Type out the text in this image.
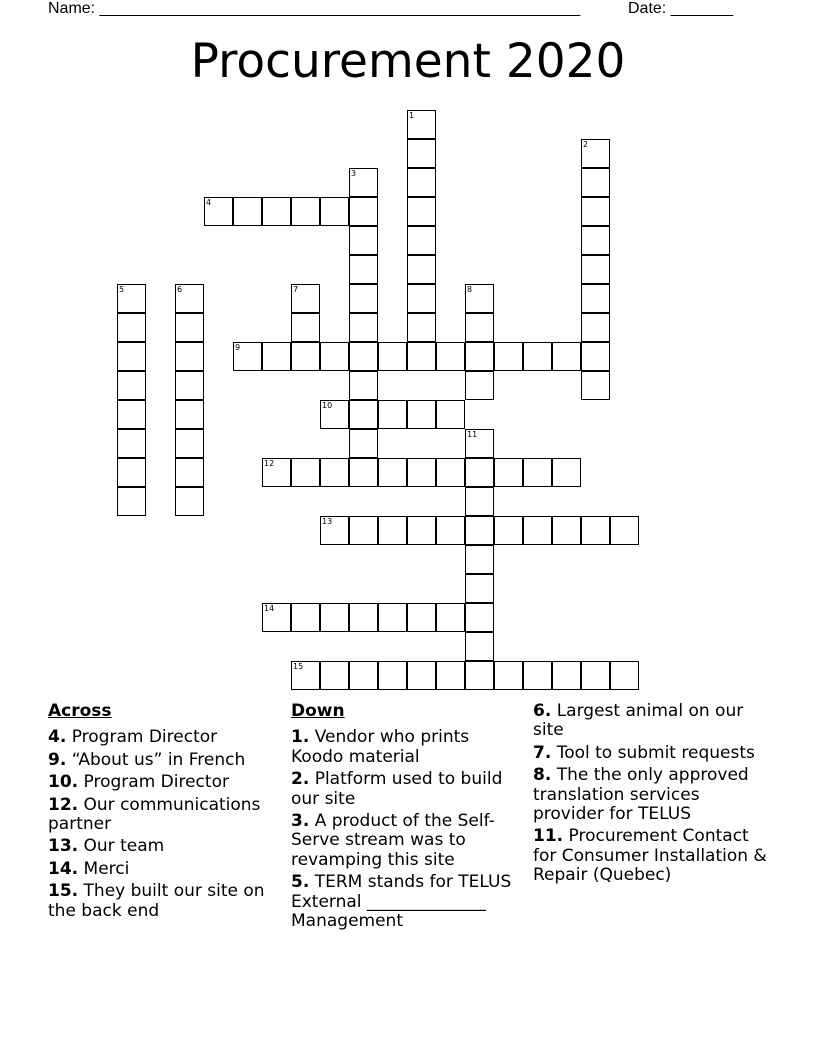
Name: ______________________________________________________	Date: _______
Procurement 2020
1
2
3
4
5	6	7	8
9
10
11
12
13
14
15
Across
4. Program Director
9. “About us” in French
10. Program Director
12. Our communications partner
13. Our team
14. Merci
15. They built our site on the back end
Down
1. Vendor who prints Koodo material
2. Platform used to build our site
3. A product of the Self-Serve stream was to revamping this site
5. TERM stands for TELUS External ______________ Management
6. Largest animal on our site
7. Tool to submit requests
8. The the only approved translation services provider for TELUS
11. Procurement Contact for Consumer Installation & Repair (Quebec)
